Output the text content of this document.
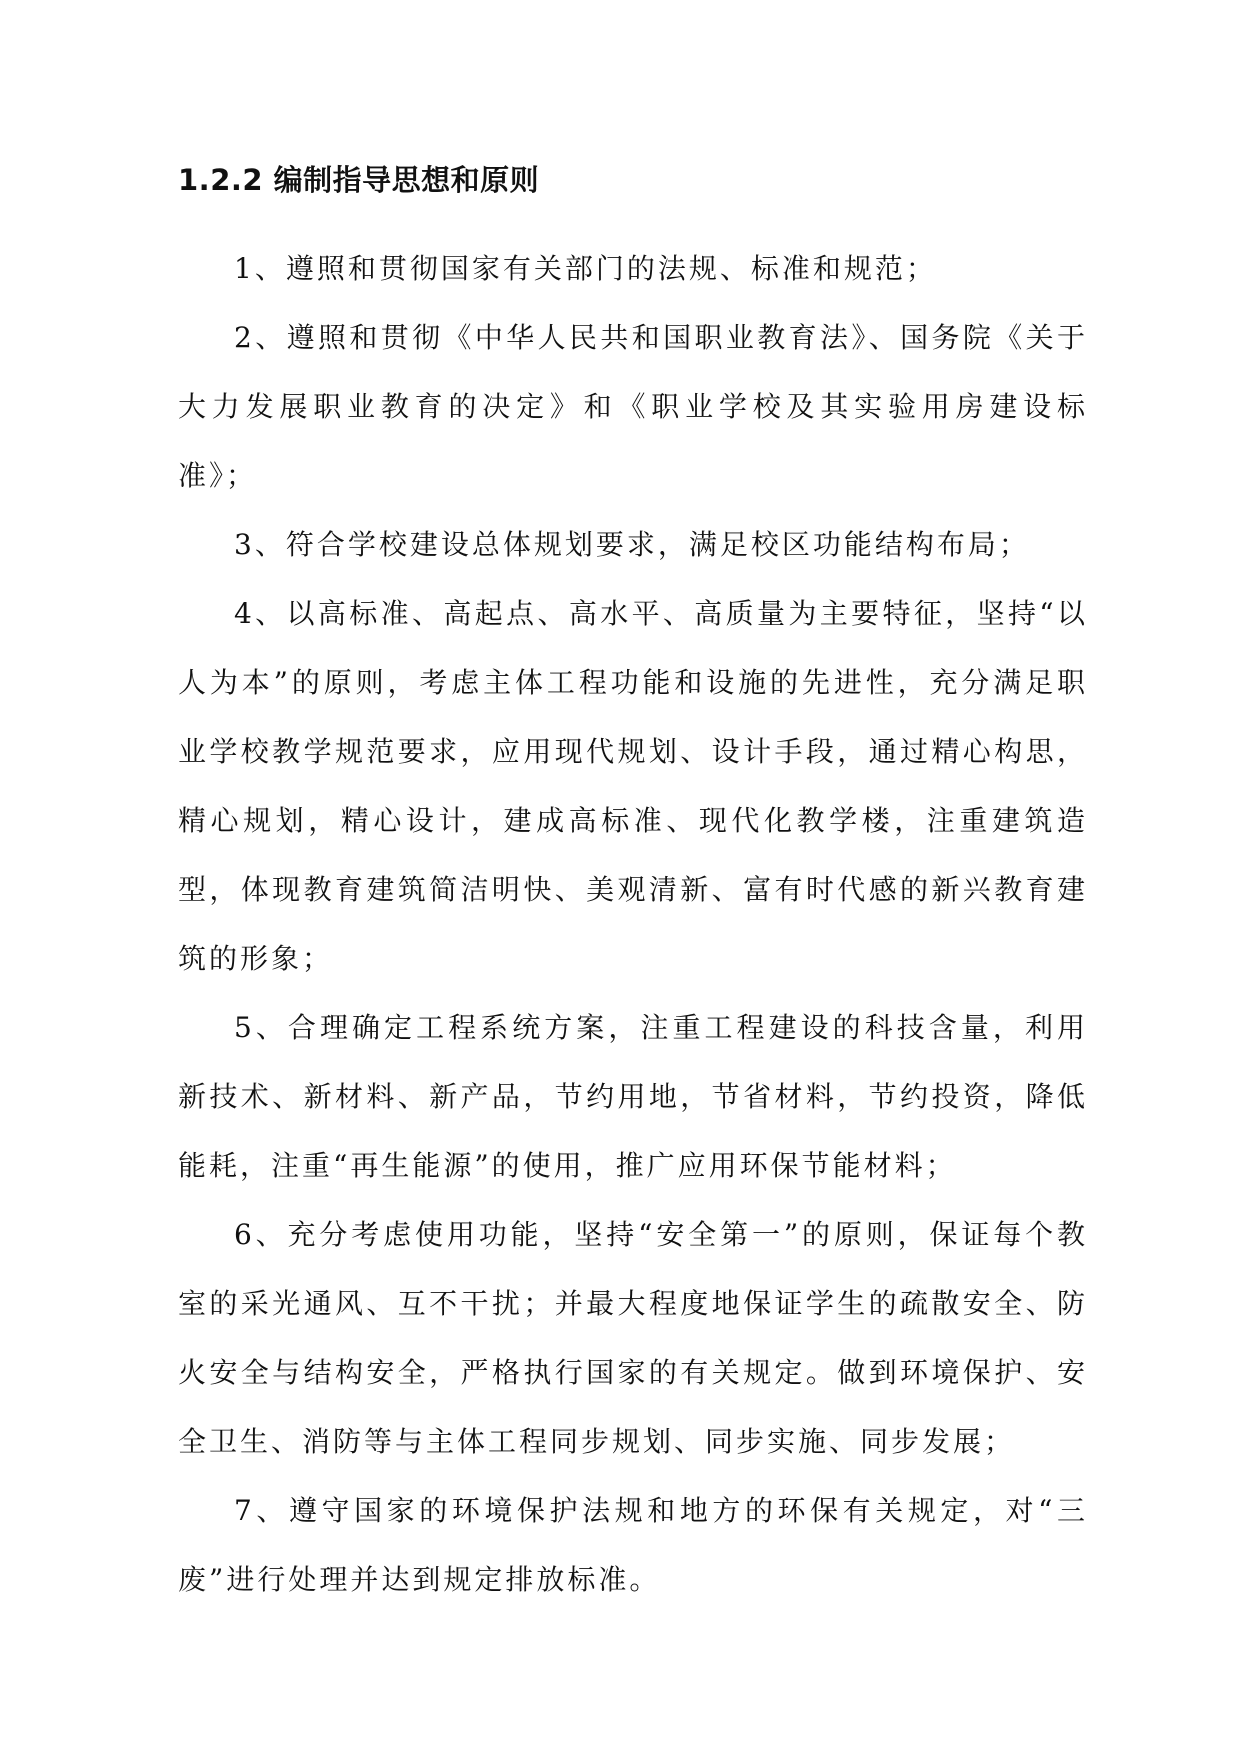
1.2.2 编制指导思想和原则

1、遵照和贯彻国家有关部门的法规、标准和规范；

2、遵照和贯彻《中华人民共和国职业教育法》、国务院《关于大力发展职业教育的决定》和《职业学校及其实验用房建设标准》；

3、符合学校建设总体规划要求，满足校区功能结构布局；

4、以高标准、高起点、高水平、高质量为主要特征，坚持“以人为本”的原则，考虑主体工程功能和设施的先进性，充分满足职业学校教学规范要求，应用现代规划、设计手段，通过精心构思，精心规划，精心设计，建成高标准、现代化教学楼，注重建筑造型，体现教育建筑简洁明快、美观清新、富有时代感的新兴教育建筑的形象；

5、合理确定工程系统方案，注重工程建设的科技含量，利用新技术、新材料、新产品，节约用地，节省材料，节约投资，降低能耗，注重“再生能源”的使用，推广应用环保节能材料；

6、充分考虑使用功能，坚持“安全第一”的原则，保证每个教室的采光通风、互不干扰；并最大程度地保证学生的疏散安全、防火安全与结构安全，严格执行国家的有关规定。做到环境保护、安全卫生、消防等与主体工程同步规划、同步实施、同步发展；

7、遵守国家的环境保护法规和地方的环保有关规定，对“三废”进行处理并达到规定排放标准。
